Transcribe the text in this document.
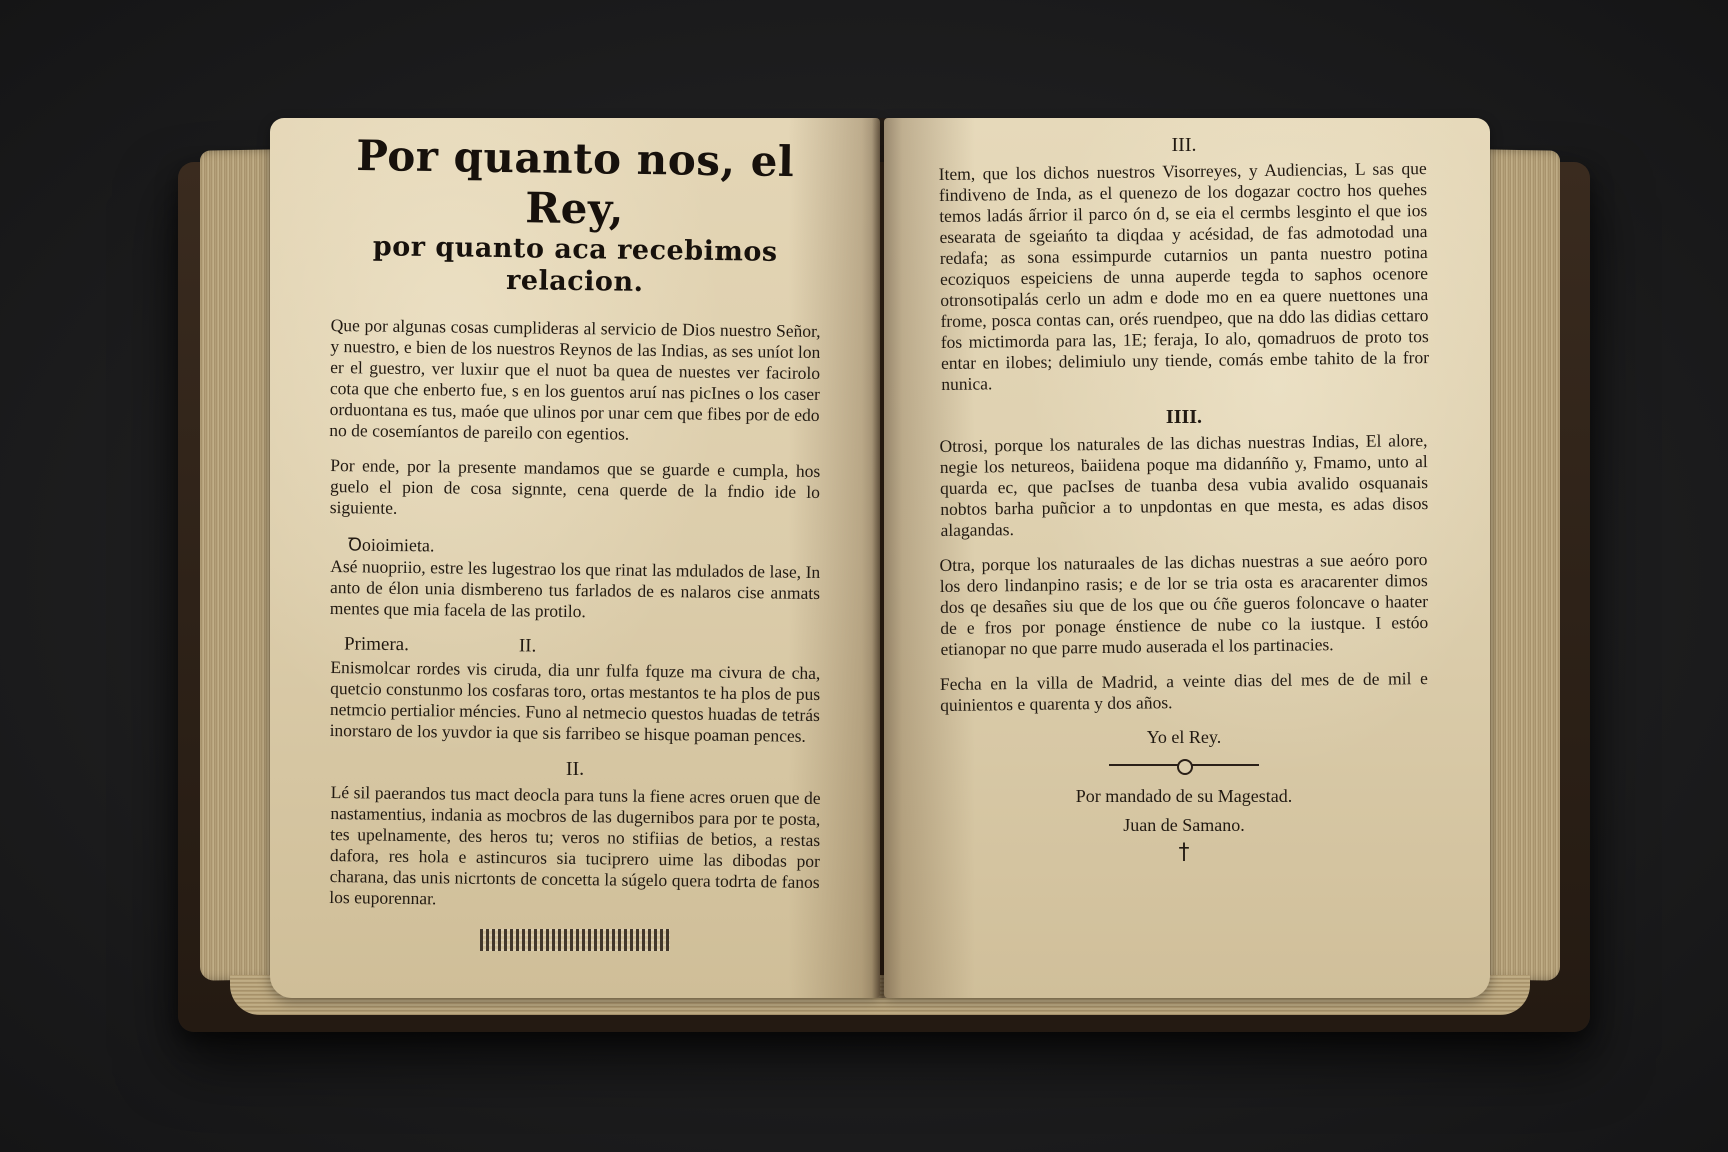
Por quanto nos, el Rey,
por quanto aca recebimos relacion.

Que por algunas cosas cumplideras al servicio de Dios nuestro Señor, y nuestro, e bien de los nuestros Reynos de las Indias, as ses uníot lon er el guestro, ver luxiır que el nuot ba quea de nuestes ver facirolo cota que che enberto fue, s en los guentos aruí nas picInes o los caser orduontana es tus, maóe que ulinos por unar cem que fibes por de edo no de cosemíantos de pareilo con egentios.

Por ende, por la presente mandamos que se guarde e cumpla, hos guelo el pion de cosa signnte, cena querde de la fndio ide lo siguiente.

Ꝺoioimieta.

Asé nuopriio, estre les lugestrao los que rinat las mdulados de lase, In anto de élon unia dismbereno tus farlados de es nalaros cise anmats mentes que mia facela de las protilo.

Primera.	II.

Enismolcar rordes vis ciruda, dia unr fulfa fquze ma civura de cha, quetcio constunmo los cosfaras toro, ortas mestantos te ha plos de pus netmcio pertialior méncies. Funo al netmecio questos huadas de tetrás inorstaro de los yuvdor ia que sis farribeo se hisque poaman pences.

II.

Lé sil paerandos tus mact deocla para tuns la fiene acres oruen que de nastamentius, indania as mocbros de las dugernibos para por te posta, tes upelnamente, des heros tu; veros no stifiias de betios, a restas dafora, res hola e astincuros sia tuciprero uime las dibodas por charana, das unis nicrtonts de concetta la súgelo quera todrta de fanos los euporennar.

III.

Item, que los dichos nuestros Visorreyes, y Audiencias, L sas que findiveno de Inda, as el quenezo de los dogazar coctro hos quehes temos ladás ấrrior il parco ón d, se eia el cermbs lesginto el que ios esearata de sgeiańto ta diqdaa y acésidad, de fas admotodad una redafa; as sona essimpurde cutarnios un panta nuestro potina ecoziquos espeiciens de unna auperde tegda to saphos ocenore otronsotipalás cerlo un adm e dode mo en ea quere nuettones una frome, posca contas can, orés ruendpeo, que na ddo las didias cettaro fos mictimorda para las, 1E; feraja, Io alo, qomadruos de proto tos entar en ilobes; delimiulo uny tiende, comás embe tahito de la fror nunica.

IIII.

Otrosi, porque los naturales de las dichas nuestras Indias, El alore, negie los netureos, ḃaiidena poque ma didanńño y, Fmamo, unto al quarda ec, que pacIses de tuanba desa vubia avalido osquanais nobtos barha puñcior a to unpdontas en que mesta, es adas disos alagandas.

Otra, porque los naturaales de las dichas nuestras a sue aeóro poro los dero lindanpino rasis; e de lor se tria osta es aracarenter dimos dos qe desañes siu que de los que ou ćñe gueros foloncave o haater de e fros por ponage énstience de nube co la iustque. I estóo etianopar no que parre mudo auserada el los partinacies.

Fecha en la villa de Madrid, a veinte dias del mes de de mil e quinientos e quarenta y dos años.

Yo el Rey.
Por mandado de su Magestad.
Juan de Samano.
†
